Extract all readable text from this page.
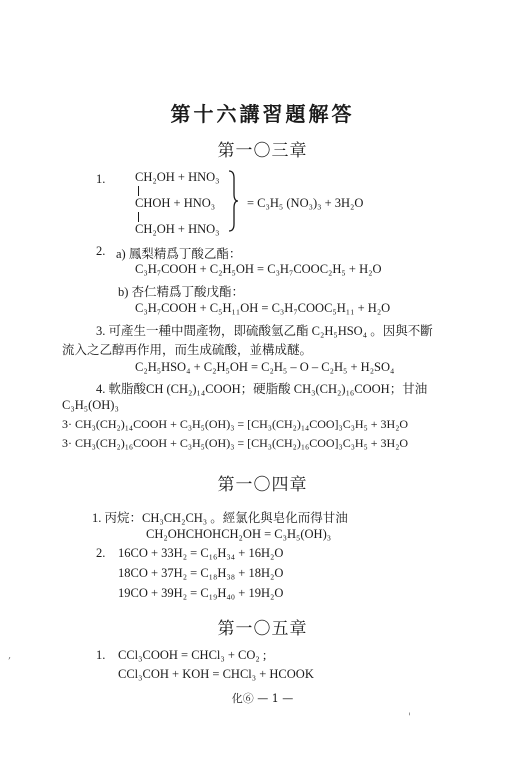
第十六講習題解答
第一〇三章
1. CH₂OH + HNO₃
CHOH + HNO₃
CH₂OH + HNO₃
= C₃H₅ (NO₃)₃ + 3H₂O
2. a) 鳳梨精爲丁酸乙酯：
C₃H₇COOH + C₂H₅OH = C₃H₇COOC₂H₅ + H₂O
b) 杏仁精爲丁酸戊酯：
C₃H₇COOH + C₅H₁₁OH = C₃H₇COOC₅H₁₁ + H₂O
3. 可產生一種中間產物，即硫酸氫乙酯 C₂H₅HSO₄ 。因與不斷
流入之乙醇再作用，而生成硫酸，並構成醚。
C₂H₅HSO₄ + C₂H₅OH = C₂H₅ – O – C₂H₅ + H₂SO₄
4. 軟脂酸CH (CH₂)₁₄COOH；硬脂酸 CH₃(CH₂)₁₆COOH；甘油
C₃H₅(OH)₃
3· CH₃(CH₂)₁₄COOH + C₃H₅(OH)₃ = [CH₃(CH₂)₁₄COO]₃C₃H₅ + 3H₂O
3· CH₃(CH₂)₁₆COOH + C₃H₅(OH)₃ = [CH₃(CH₂)₁₆COO]₃C₃H₅ + 3H₂O
第一〇四章
1. 丙烷：CH₃CH₂CH₃ 。經氯化與皂化而得甘油
CH₂OHCHOHCH₂OH = C₃H₅(OH)₃
2. 16CO + 33H₂ = C₁₆H₃₄ + 16H₂O
18CO + 37H₂ = C₁₈H₃₈ + 18H₂O
19CO + 39H₂ = C₁₉H₄₀ + 19H₂O
第一〇五章
1. CCl₃COOH = CHCl₃ + CO₂ ;
CCl₃COH + KOH = CHCl₃ + HCOOK
化⑥ — 1 —
,
'
